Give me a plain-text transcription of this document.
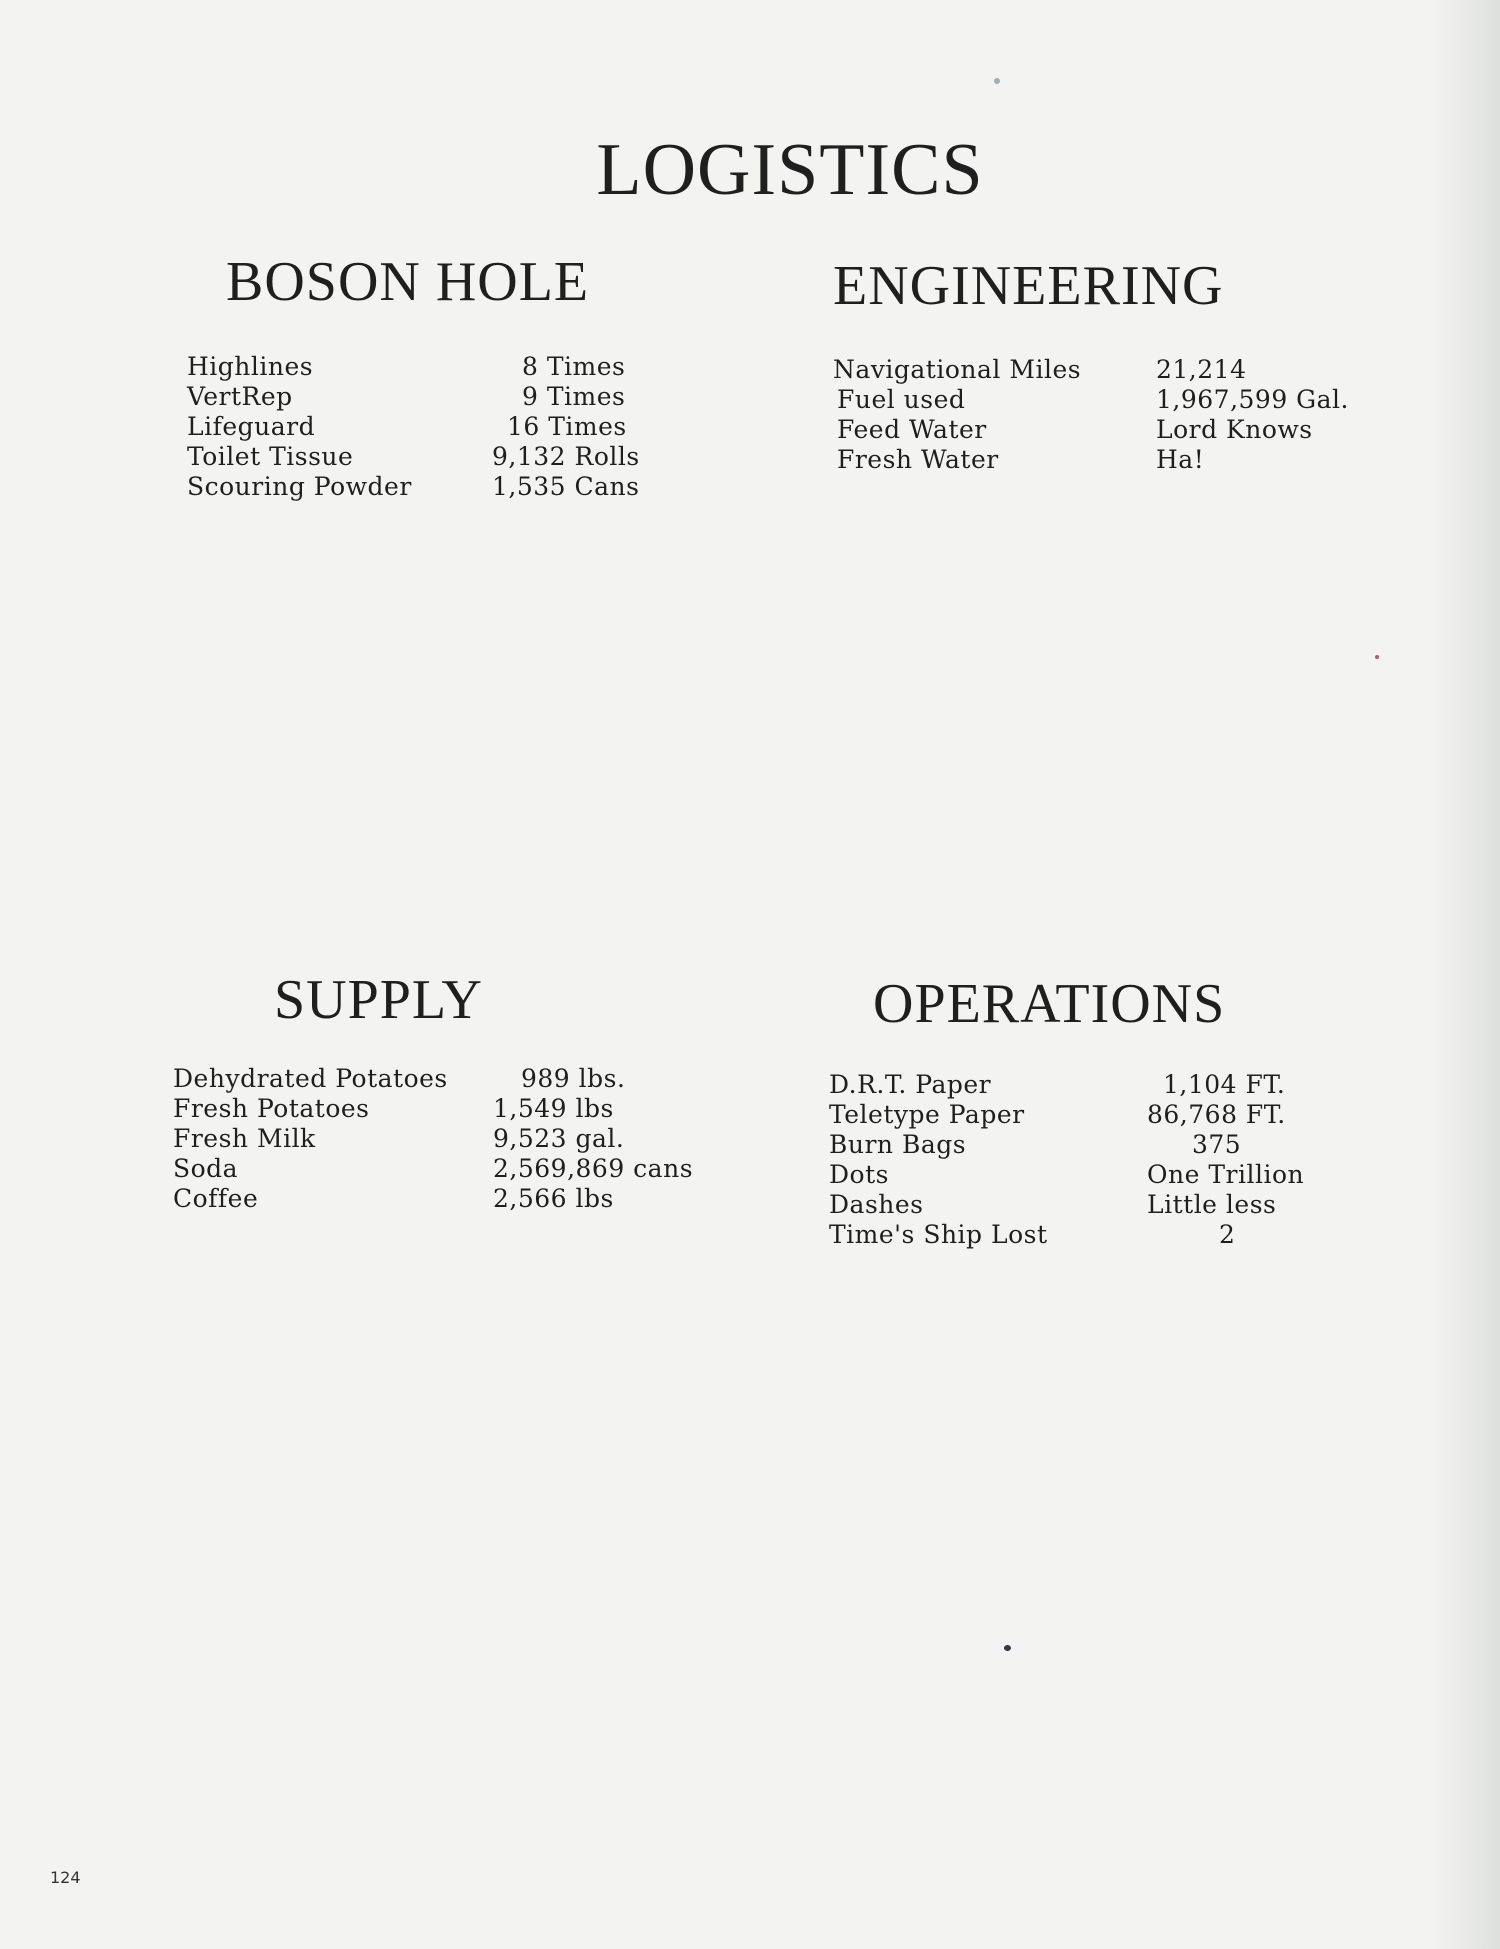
LOGISTICS
BOSON HOLE
Highlines	8 Times
VertRep	9 Times
Lifeguard	16 Times
Toilet Tissue	9,132 Rolls
Scouring Powder	1,535 Cans
ENGINEERING
Navigational Miles	21,214
Fuel used	1,967,599 Gal.
Feed Water	Lord Knows
Fresh Water	Ha!
SUPPLY
Dehydrated Potatoes	989 lbs.
Fresh Potatoes	1,549 lbs
Fresh Milk	9,523 gal.
Soda	2,569,869 cans
Coffee	2,566 lbs
OPERATIONS
D.R.T. Paper	1,104 FT.
Teletype Paper	86,768 FT.
Burn Bags	375
Dots	One Trillion
Dashes	Little less
Time's Ship Lost	2
124
